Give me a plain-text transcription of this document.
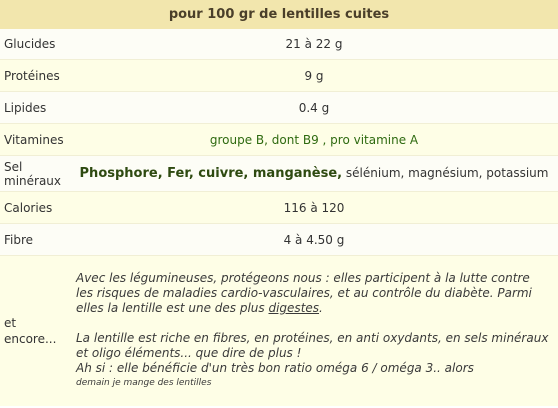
pour 100 gr de lentilles cuites	
Glucides	21 à 22 g
Protéines	9 g
Lipides	0.4 g
Vitamines	groupe B, dont B9 , pro vitamine A
Sel minéraux	Phosphore, Fer, cuivre, manganèse, sélénium, magnésium, potassium
Calories	116 à 120
Fibre	4 à 4.50 g
et encore...	Avec les légumineuses, protégeons nous : elles participent à la lutte contre les risques de maladies cardio-vasculaires, et au contrôle du diabète. Parmi elles la lentille est une des plus digestes.

La lentille est riche en fibres, en protéines, en anti oxydants, en sels minéraux et oligo éléments... que dire de plus !

Ah si : elle bénéficie d'un très bon ratio oméga 6 / oméga 3.. alors

demain je mange des lentilles
